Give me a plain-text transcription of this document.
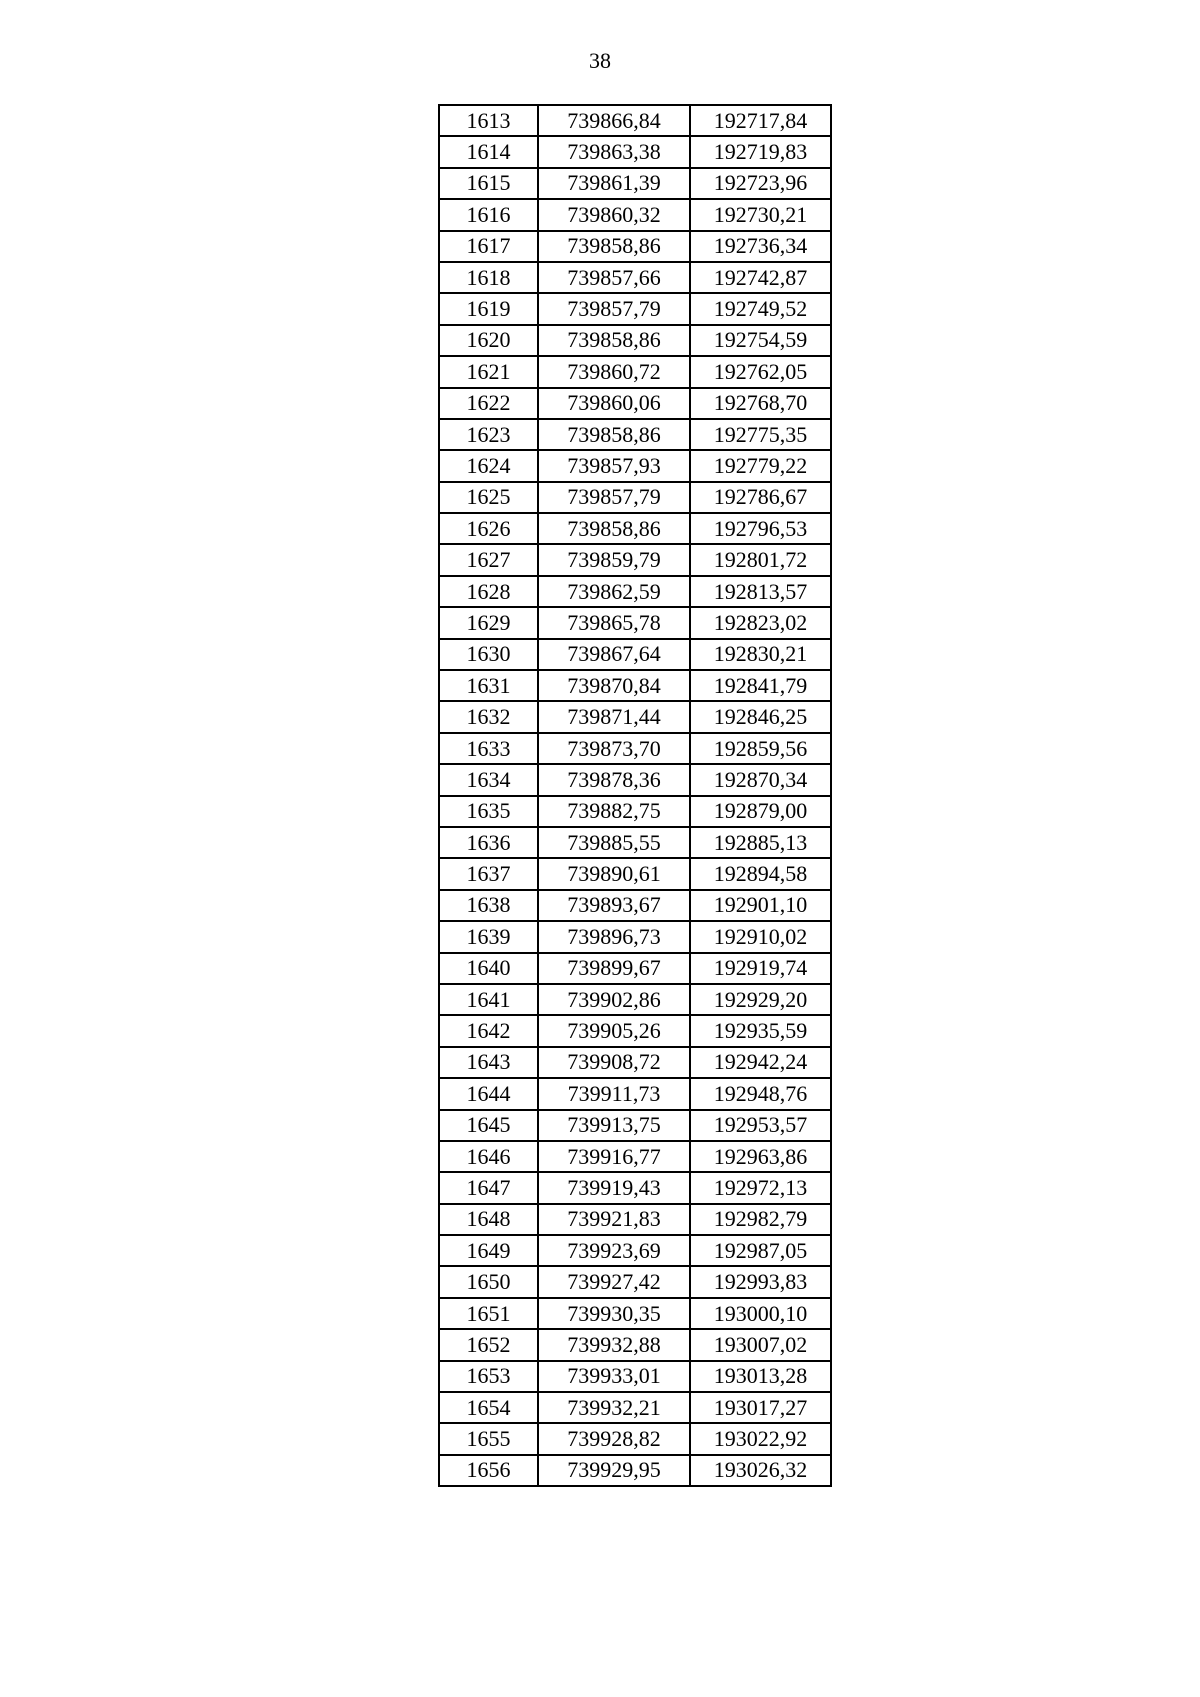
38
1613	739866,84	192717,84
1614	739863,38	192719,83
1615	739861,39	192723,96
1616	739860,32	192730,21
1617	739858,86	192736,34
1618	739857,66	192742,87
1619	739857,79	192749,52
1620	739858,86	192754,59
1621	739860,72	192762,05
1622	739860,06	192768,70
1623	739858,86	192775,35
1624	739857,93	192779,22
1625	739857,79	192786,67
1626	739858,86	192796,53
1627	739859,79	192801,72
1628	739862,59	192813,57
1629	739865,78	192823,02
1630	739867,64	192830,21
1631	739870,84	192841,79
1632	739871,44	192846,25
1633	739873,70	192859,56
1634	739878,36	192870,34
1635	739882,75	192879,00
1636	739885,55	192885,13
1637	739890,61	192894,58
1638	739893,67	192901,10
1639	739896,73	192910,02
1640	739899,67	192919,74
1641	739902,86	192929,20
1642	739905,26	192935,59
1643	739908,72	192942,24
1644	739911,73	192948,76
1645	739913,75	192953,57
1646	739916,77	192963,86
1647	739919,43	192972,13
1648	739921,83	192982,79
1649	739923,69	192987,05
1650	739927,42	192993,83
1651	739930,35	193000,10
1652	739932,88	193007,02
1653	739933,01	193013,28
1654	739932,21	193017,27
1655	739928,82	193022,92
1656	739929,95	193026,32
